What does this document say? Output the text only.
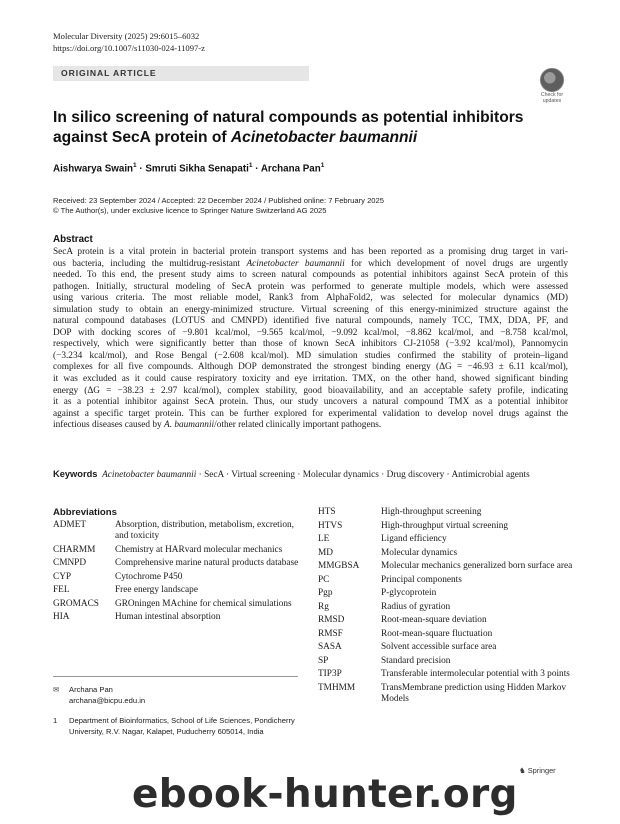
Molecular Diversity (2025) 29:6015–6032
https://doi.org/10.1007/s11030-024-11097-z
ORIGINAL ARTICLE
Check for
updates
In silico screening of natural compounds as potential inhibitors
against SecA protein of Acinetobacter baumannii
Aishwarya Swain$^1$ · Smruti Sikha Senapati$^1$ · Archana Pan$^1$
Received: 23 September 2024 / Accepted: 22 December 2024 / Published online: 7 February 2025
© The Author(s), under exclusive licence to Springer Nature Switzerland AG 2025
Abstract
SecA protein is a vital protein in bacterial protein transport systems and has been reported as a promising drug target in vari-
ous bacteria, including the multidrug-resistant Acinetobacter baumannii for which development of novel drugs are urgently
needed. To this end, the present study aims to screen natural compounds as potential inhibitors against SecA protein of this
pathogen. Initially, structural modeling of SecA protein was performed to generate multiple models, which were assessed
using various criteria. The most reliable model, Rank3 from AlphaFold2, was selected for molecular dynamics (MD)
simulation study to obtain an energy-minimized structure. Virtual screening of this energy-minimized structure against the
natural compound databases (LOTUS and CMNPD) identified five natural compounds, namely TCC, TMX, DDA, PF, and
DOP with docking scores of −9.801 kcal/mol, −9.565 kcal/mol, −9.092 kcal/mol, −8.862 kcal/mol, and −8.758 kcal/mol,
respectively, which were significantly better than those of known SecA inhibitors CJ-21058 (−3.92 kcal/mol), Pannomycin
(−3.234 kcal/mol), and Rose Bengal (−2.608 kcal/mol). MD simulation studies confirmed the stability of protein–ligand
complexes for all five compounds. Although DOP demonstrated the strongest binding energy (ΔG = −46.93 ± 6.11 kcal/mol),
it was excluded as it could cause respiratory toxicity and eye irritation. TMX, on the other hand, showed significant binding
energy (ΔG = −38.23 ± 2.97 kcal/mol), complex stability, good bioavailability, and an acceptable safety profile, indicating
it as a potential inhibitor against SecA protein. Thus, our study uncovers a natural compound TMX as a potential inhibitor
against a specific target protein. This can be further explored for experimental validation to develop novel drugs against the
infectious diseases caused by A. baumannii/other related clinically important pathogens.
Keywords Acinetobacter baumannii · SecA · Virtual screening · Molecular dynamics · Drug discovery · Antimicrobial agents
Abbreviations
ADMET	Absorption, distribution, metabolism, excretion, and toxicity
CHARMM	Chemistry at HARvard molecular mechanics
CMNPD	Comprehensive marine natural products database
CYP	Cytochrome P450
FEL	Free energy landscape
GROMACS	GROningen MAchine for chemical simulations
HIA	Human intestinal absorption
HTS	High-throughput screening
HTVS	High-throughput virtual screening
LE	Ligand efficiency
MD	Molecular dynamics
MMGBSA	Molecular mechanics generalized born surface area
PC	Principal components
Pgp	P-glycoprotein
Rg	Radius of gyration
RMSD	Root-mean-square deviation
RMSF	Root-mean-square fluctuation
SASA	Solvent accessible surface area
SP	Standard precision
TIP3P	Transferable intermolecular potential with 3 points
TMHMM	TransMembrane prediction using Hidden Markov Models
✉ Archana Pan
archana@bicpu.edu.in
1	Department of Bioinformatics, School of Life Sciences, Pondicherry University, R.V. Nagar, Kalapet, Puducherry 605014, India
♞ Springer
ebook-hunter.org
